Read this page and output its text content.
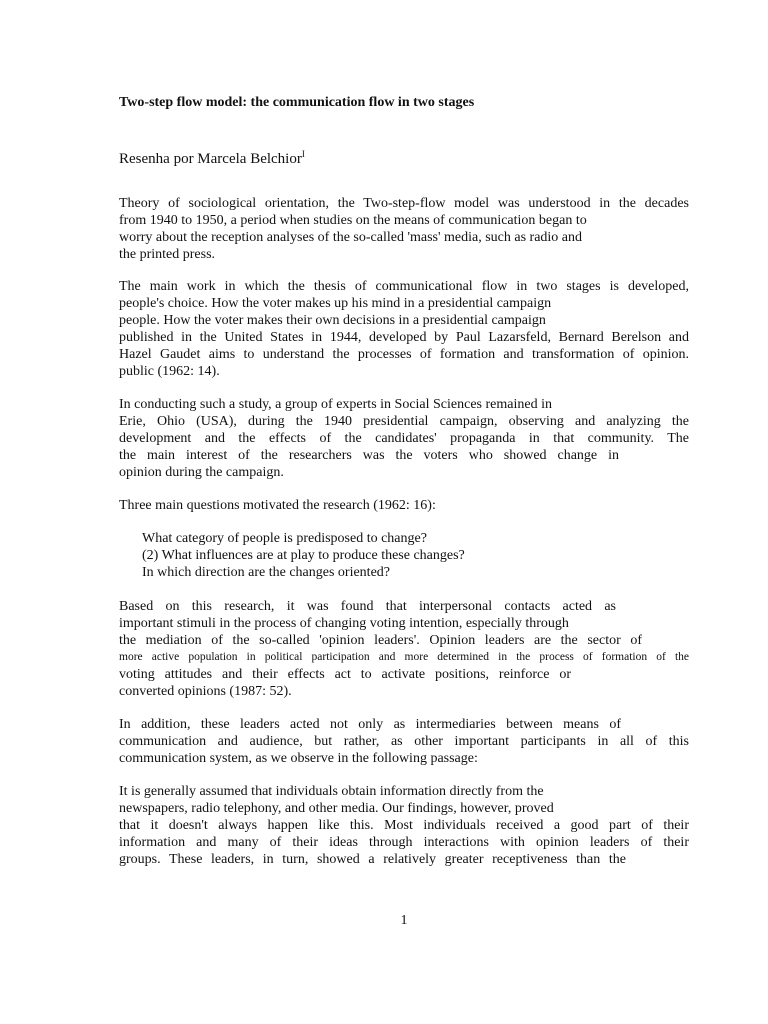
Two-step flow model: the communication flow in two stages
Resenha por Marcela Belchior$^I$
Theory of sociological orientation, the Two-step-flow model was understood in the decades
from 1940 to 1950, a period when studies on the means of communication began to
worry about the reception analyses of the so-called 'mass' media, such as radio and
the printed press.
The main work in which the thesis of communicational flow in two stages is developed,
people's choice. How the voter makes up his mind in a presidential campaign
people. How the voter makes their own decisions in a presidential campaign
published in the United States in 1944, developed by Paul Lazarsfeld, Bernard Berelson and
Hazel Gaudet aims to understand the processes of formation and transformation of opinion.
public (1962: 14).
In conducting such a study, a group of experts in Social Sciences remained in
Erie, Ohio (USA), during the 1940 presidential campaign, observing and analyzing the
development and the effects of the candidates' propaganda in that community. The
the main interest of the researchers was the voters who showed change in
opinion during the campaign.
Three main questions motivated the research (1962: 16):
What category of people is predisposed to change?
(2) What influences are at play to produce these changes?
In which direction are the changes oriented?
Based on this research, it was found that interpersonal contacts acted as
important stimuli in the process of changing voting intention, especially through
the mediation of the so-called 'opinion leaders'. Opinion leaders are the sector of
more active population in political participation and more determined in the process of formation of the
voting attitudes and their effects act to activate positions, reinforce or
converted opinions (1987: 52).
In addition, these leaders acted not only as intermediaries between means of
communication and audience, but rather, as other important participants in all of this
communication system, as we observe in the following passage:
It is generally assumed that individuals obtain information directly from the
newspapers, radio telephony, and other media. Our findings, however, proved
that it doesn't always happen like this. Most individuals received a good part of their
information and many of their ideas through interactions with opinion leaders of their
groups. These leaders, in turn, showed a relatively greater receptiveness than the
1
